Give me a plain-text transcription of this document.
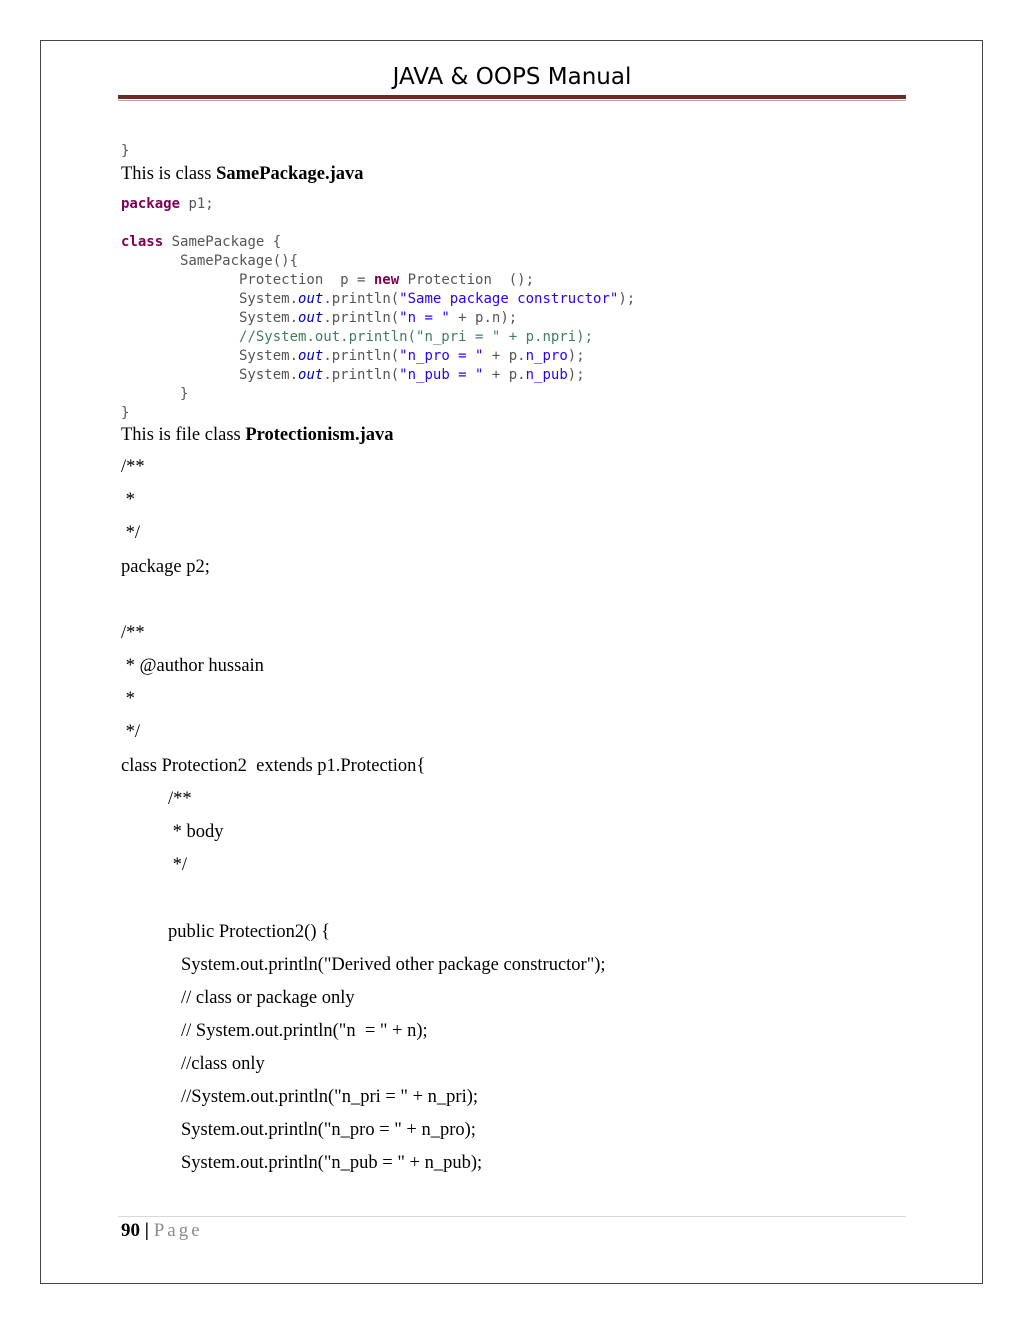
JAVA & OOPS Manual
}
This is class SamePackage.java
package p1;
class SamePackage {
SamePackage(){
Protection  p = new Protection  ();
System.out.println("Same package constructor");
System.out.println("n = " + p.n);
//System.out.println("n_pri = " + p.npri);
System.out.println("n_pro = " + p.n_pro);
System.out.println("n_pub = " + p.n_pub);
}
}
This is file class Protectionism.java
/**
*
*/
package p2;
/**
* @author hussain
*
*/
class Protection2  extends p1.Protection{
/**
* body
*/
public Protection2() {
System.out.println("Derived other package constructor");
// class or package only
// System.out.println("n  = " + n);
//class only
//System.out.println("n_pri = " + n_pri);
System.out.println("n_pro = " + n_pro);
System.out.println("n_pub = " + n_pub);
90 | Page
